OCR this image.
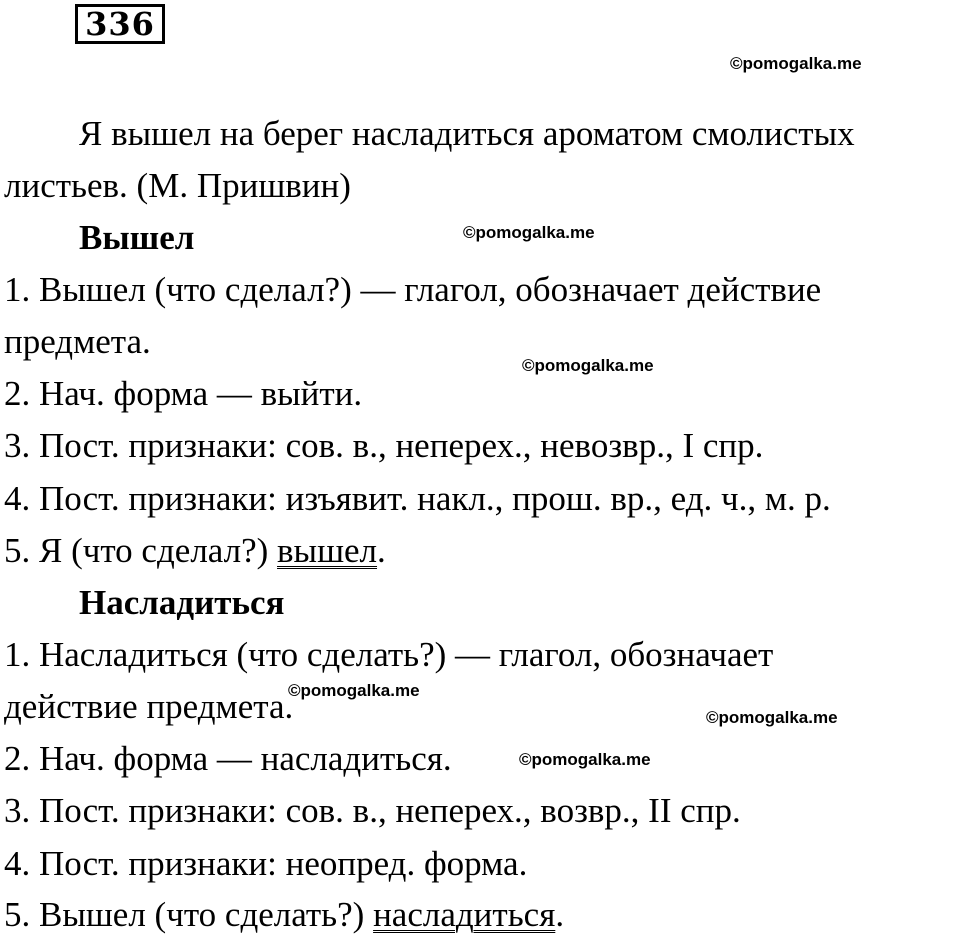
336
©pomogalka.me
Я вышел на берег насладиться ароматом смолистых
листьев. (М. Пришвин)
Вышел	©pomogalka.me
1. Вышел (что сделал?) — глагол, обозначает действие
предмета.
©pomogalka.me
2. Нач. форма — выйти.
3. Пост. признаки: сов. в., неперех., невозвр., I спр.
4. Пост. признаки: изъявит. накл., прош. вр., ед. ч., м. р.
5. Я (что сделал?) вышел.
Насладиться
1. Насладиться (что сделать?) — глагол, обозначает
действие предмета.
©pomogalka.me
©pomogalka.me
2. Нач. форма — насладиться.	©pomogalka.me
3. Пост. признаки: сов. в., неперех., возвр., II спр.
4. Пост. признаки: неопред. форма.
5. Вышел (что сделать?) насладиться.
